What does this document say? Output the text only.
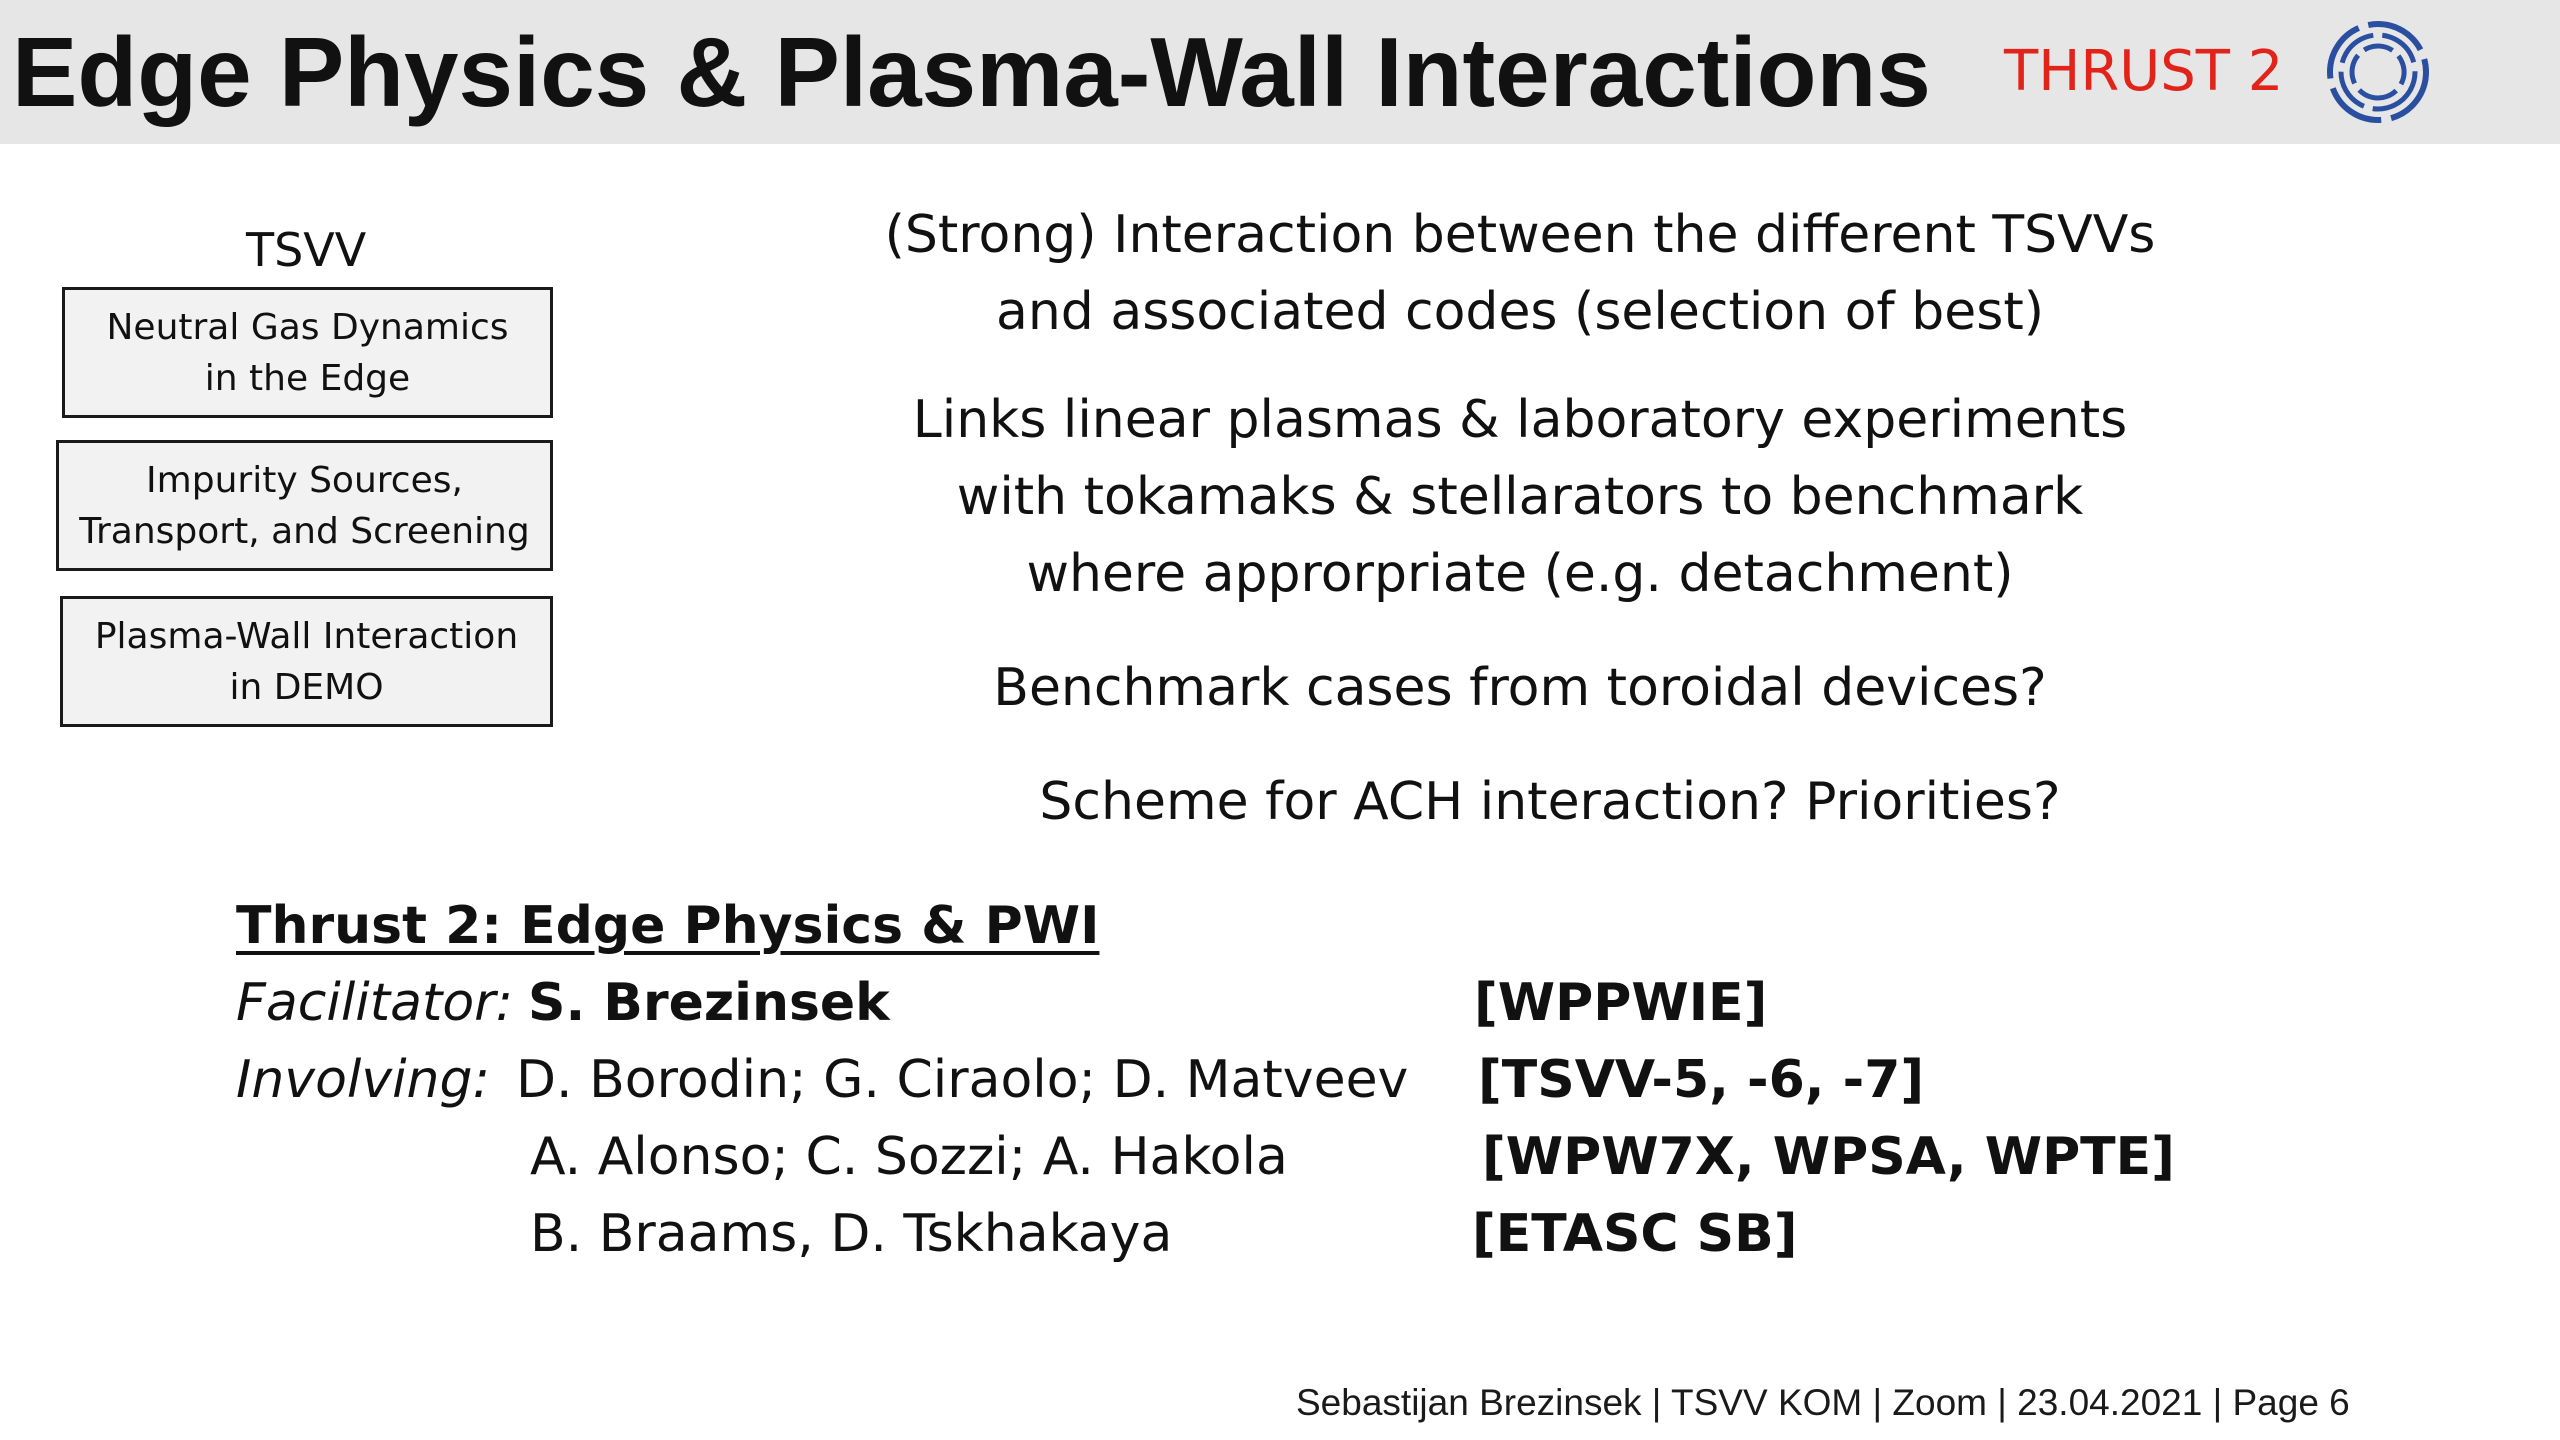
Edge Physics & Plasma-Wall Interactions THRUST 2
TSVV
Neutral Gas Dynamics
in the Edge
Impurity Sources,
Transport, and Screening
Plasma-Wall Interaction
in DEMO
(Strong) Interaction between the different TSVVs
and associated codes (selection of best)
Links linear plasmas & laboratory experiments
with tokamaks & stellarators to benchmark
where approrpriate (e.g. detachment)
Benchmark cases from toroidal devices?
Scheme for ACH interaction? Priorities?
Thrust 2: Edge Physics & PWI
Facilitator: S. Brezinsek	[WPPWIE]
Involving: D. Borodin; G. Ciraolo; D. Matveev [TSVV-5, -6, -7]
A. Alonso; C. Sozzi; A. Hakola	[WPW7X, WPSA, WPTE]
B. Braams, D. Tskhakaya	[ETASC SB]
Sebastijan Brezinsek | TSVV KOM | Zoom | 23.04.2021 | Page 6
